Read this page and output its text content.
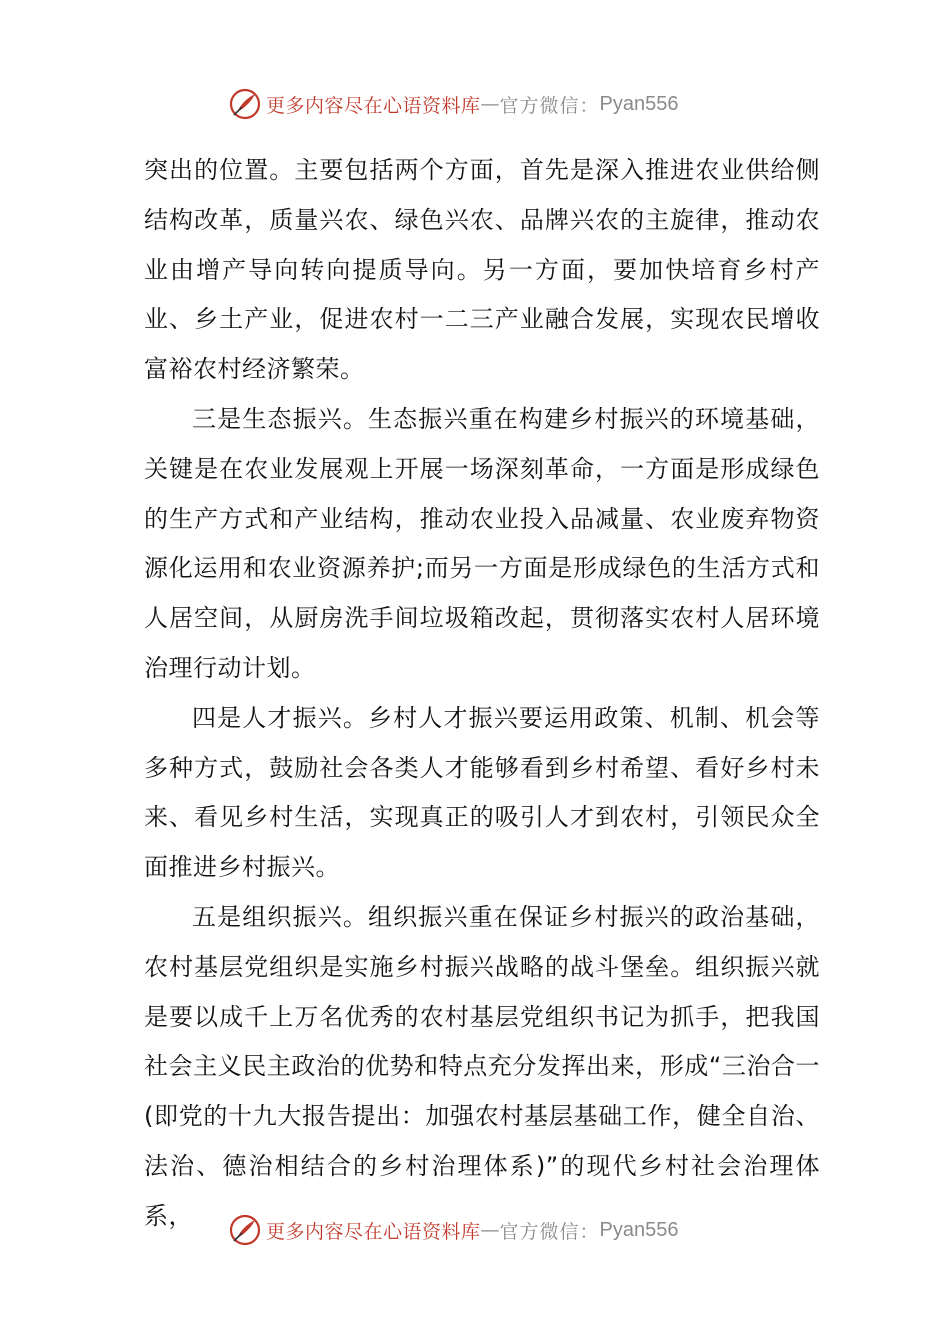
更多内容尽在心语资料库 — 官方微信： Pyan556

突出的位置。主要包括两个方面，首先是深入推进农业供给侧结构改革，质量兴农、绿色兴农、品牌兴农的主旋律，推动农业由增产导向转向提质导向。另一方面，要加快培育乡村产业、乡土产业，促进农村一二三产业融合发展，实现农民增收富裕农村经济繁荣。

三是生态振兴。生态振兴重在构建乡村振兴的环境基础，关键是在农业发展观上开展一场深刻革命，一方面是形成绿色的生产方式和产业结构，推动农业投入品减量、农业废弃物资源化运用和农业资源养护;而另一方面是形成绿色的生活方式和人居空间，从厨房洗手间垃圾箱改起，贯彻落实农村人居环境治理行动计划。

四是人才振兴。乡村人才振兴要运用政策、机制、机会等多种方式，鼓励社会各类人才能够看到乡村希望、看好乡村未来、看见乡村生活，实现真正的吸引人才到农村，引领民众全面推进乡村振兴。

五是组织振兴。组织振兴重在保证乡村振兴的政治基础，农村基层党组织是实施乡村振兴战略的战斗堡垒。组织振兴就是要以成千上万名优秀的农村基层党组织书记为抓手，把我国社会主义民主政治的优势和特点充分发挥出来，形成“三治合一(即党的十九大报告提出：加强农村基层基础工作，健全自治、法治、德治相结合的乡村治理体系)”的现代乡村社会治理体系，

更多内容尽在心语资料库 — 官方微信： Pyan556
